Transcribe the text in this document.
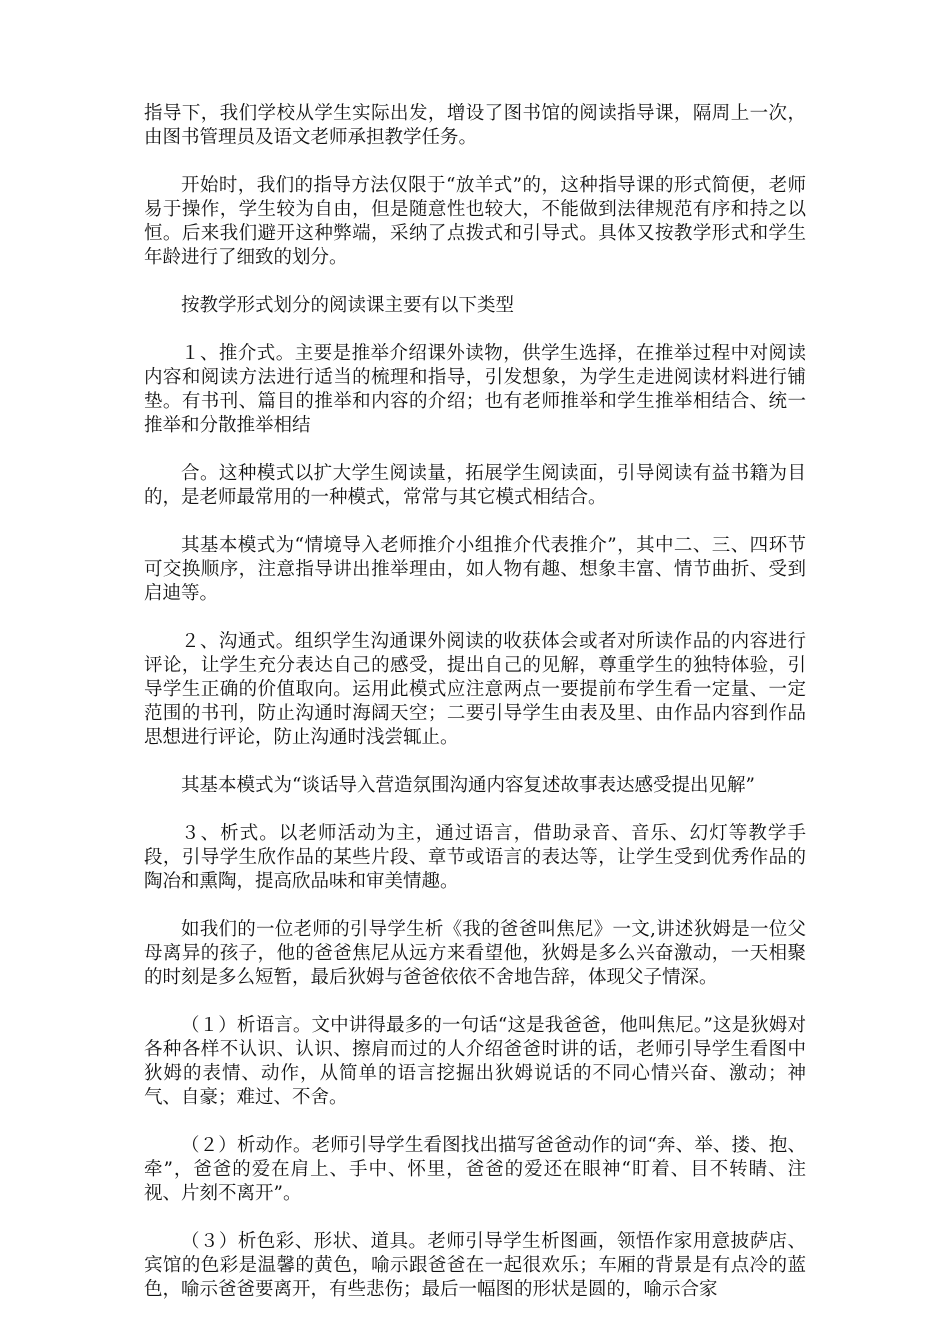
指导下，我们学校从学生实际出发，增设了图书馆的阅读指导课，隔周上一次，由图书管理员及语文老师承担教学任务。

开始时，我们的指导方法仅限于“放羊式”的，这种指导课的形式简便，老师易于操作，学生较为自由，但是随意性也较大，不能做到法律规范有序和持之以恒。后来我们避开这种弊端，采纳了点拨式和引导式。具体又按教学形式和学生年龄进行了细致的划分。

按教学形式划分的阅读课主要有以下类型

１、推介式。主要是推举介绍课外读物，供学生选择，在推举过程中对阅读内容和阅读方法进行适当的梳理和指导，引发想象，为学生走进阅读材料进行铺垫。有书刊、篇目的推举和内容的介绍；也有老师推举和学生推举相结合、统一推举和分散推举相结

合。这种模式以扩大学生阅读量，拓展学生阅读面，引导阅读有益书籍为目的，是老师最常用的一种模式，常常与其它模式相结合。

其基本模式为“情境导入老师推介小组推介代表推介”，其中二、三、四环节可交换顺序，注意指导讲出推举理由，如人物有趣、想象丰富、情节曲折、受到启迪等。

２、沟通式。组织学生沟通课外阅读的收获体会或者对所读作品的内容进行评论，让学生充分表达自己的感受，提出自己的见解，尊重学生的独特体验，引导学生正确的价值取向。运用此模式应注意两点一要提前布学生看一定量、一定范围的书刊，防止沟通时海阔天空；二要引导学生由表及里、由作品内容到作品思想进行评论，防止沟通时浅尝辄止。

其基本模式为“谈话导入营造氛围沟通内容复述故事表达感受提出见解”

３、析式。以老师活动为主，通过语言，借助录音、音乐、幻灯等教学手段，引导学生欣作品的某些片段、章节或语言的表达等，让学生受到优秀作品的陶冶和熏陶，提高欣品味和审美情趣。

如我们的一位老师的引导学生析《我的爸爸叫焦尼》一文,讲述狄姆是一位父母离异的孩子，他的爸爸焦尼从远方来看望他，狄姆是多么兴奋激动，一天相聚的时刻是多么短暂，最后狄姆与爸爸依依不舍地告辞，体现父子情深。

（１）析语言。文中讲得最多的一句话“这是我爸爸，他叫焦尼。”这是狄姆对各种各样不认识、认识、擦肩而过的人介绍爸爸时讲的话，老师引导学生看图中狄姆的表情、动作，从简单的语言挖掘出狄姆说话的不同心情兴奋、激动；神气、自豪；难过、不舍。

（２）析动作。老师引导学生看图找出描写爸爸动作的词“奔、举、搂、抱、牵”，爸爸的爱在肩上、手中、怀里，爸爸的爱还在眼神“盯着、目不转睛、注视、片刻不离开”。

（３）析色彩、形状、道具。老师引导学生析图画，领悟作家用意披萨店、宾馆的色彩是温馨的黄色，喻示跟爸爸在一起很欢乐；车厢的背景是有点冷的蓝色，喻示爸爸要离开，有些悲伤；最后一幅图的形状是圆的，喻示合家
